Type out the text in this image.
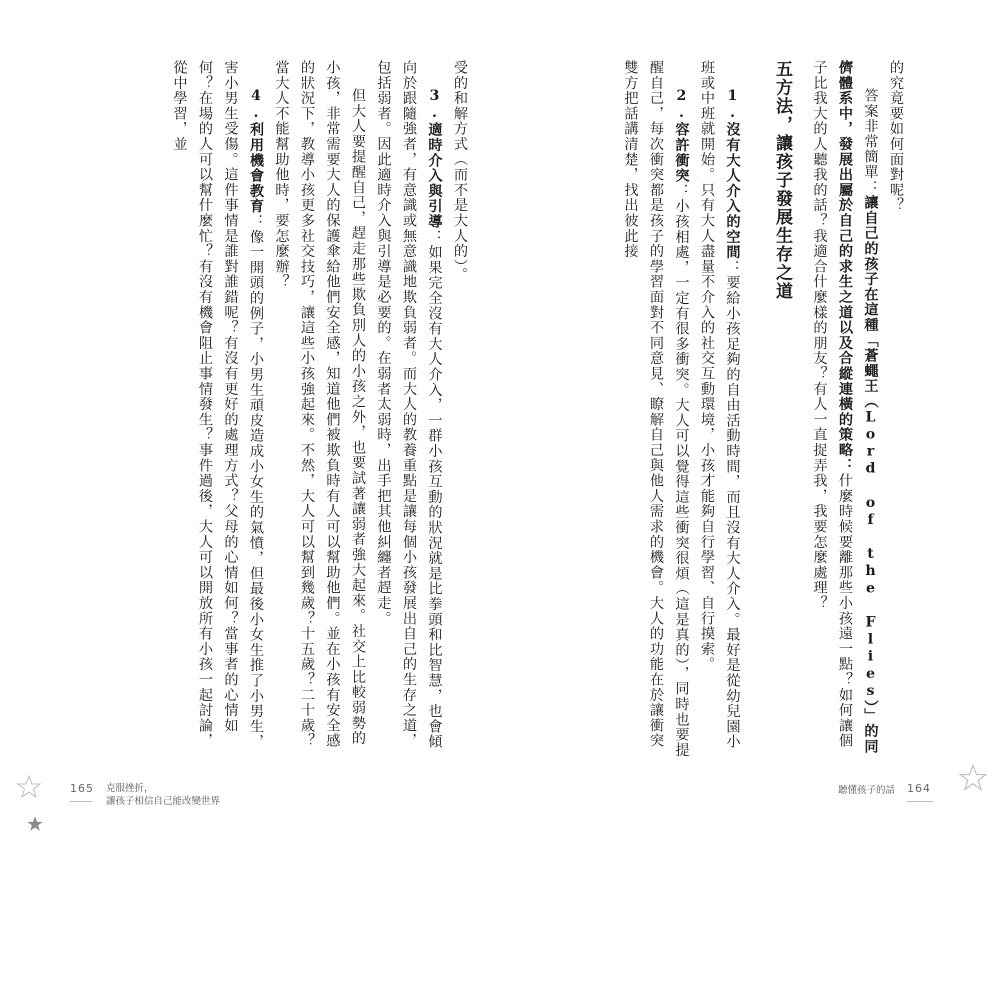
的究竟要如何面對呢？

答案非常簡單：讓自己的孩子在這種「蒼蠅王（Lord of the Flies）」的同儕體系中，發展出屬於自己的求生之道以及合縱連橫的策略：什麼時候要離那些小孩遠一點？如何讓個子比我大的人聽我的話？我適合什麼樣的朋友？有人一直捉弄我，我要怎麼處理？

五方法，讓孩子發展生存之道

1.沒有大人介入的空間：要給小孩足夠的自由活動時間，而且沒有大人介入。最好是從幼兒園小班或中班就開始。只有大人盡量不介入的社交互動環境，小孩才能夠自行學習、自行摸索。

2.容許衝突：小孩相處，一定有很多衝突。大人可以覺得這些衝突很煩（這是真的），同時也要提醒自己，每次衝突都是孩子的學習面對不同意見、瞭解自己與他人需求的機會。大人的功能在於讓衝突雙方把話講清楚，找出彼此接

受的和解方式（而不是大人的）。

3.適時介入與引導：如果完全沒有大人介入，一群小孩互動的狀況就是比拳頭和比智慧，也會傾向於跟隨強者，有意識或無意識地欺負弱者。而大人的教養重點是讓每個小孩發展出自己的生存之道，包括弱者。因此適時介入與引導是必要的。在弱者太弱時，出手把其他糾纏者趕走。

但大人要提醒自己，趕走那些欺負別人的小孩之外，也要試著讓弱者強大起來。社交上比較弱勢的小孩，非常需要大人的保護傘給他們安全感，知道他們被欺負時有人可以幫助他們。並在小孩有安全感的狀況下，教導小孩更多社交技巧，讓這些小孩強起來。不然，大人可以幫到幾歲？十五歲？二十歲？當大人不能幫助他時，要怎麼辦？

4.利用機會教育：像一開頭的例子，小男生頑皮造成小女生的氣憤，但最後小女生推了小男生，害小男生受傷。這件事情是誰對誰錯呢？有沒有更好的處理方式？父母的心情如何？當事者的心情如何？在場的人可以幫什麼忙？有沒有機會阻止事情發生？事件過後，大人可以開放所有小孩一起討論，從中學習，並

165 克服挫折，
讓孩子相信自己能改變世界
聽懂孩子的話 164
